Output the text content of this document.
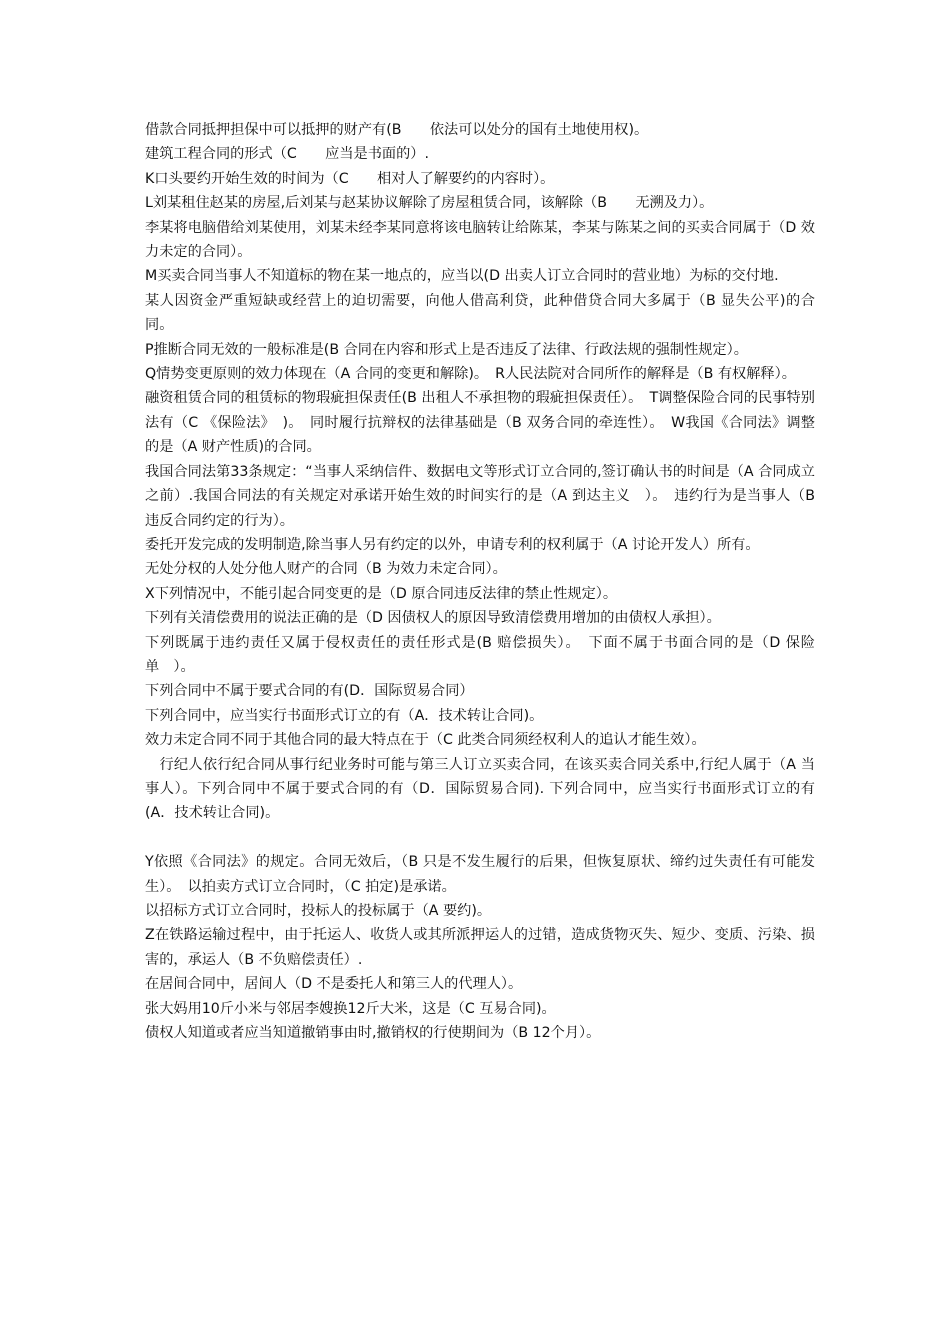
借款合同抵押担保中可以抵押的财产有(B　　依法可以处分的国有土地使用权)。

建筑工程合同的形式（C　　应当是书面的）.

K口头要约开始生效的时间为（C　　相对人了解要约的内容时）。

L刘某租住赵某的房屋,后刘某与赵某协议解除了房屋租赁合同，该解除（B　　无溯及力）。

李某将电脑借给刘某使用，刘某未经李某同意将该电脑转让给陈某，李某与陈某之间的买卖合同属于（D 效力未定的合同）。

M买卖合同当事人不知道标的物在某一地点的，应当以(D 出卖人订立合同时的营业地）为标的交付地.

某人因资金严重短缺或经营上的迫切需要，向他人借高利贷，此种借贷合同大多属于（B 显失公平)的合同。

P推断合同无效的一般标准是(B 合同在内容和形式上是否违反了法律、行政法规的强制性规定）。

Q情势变更原则的效力体现在（A 合同的变更和解除)。　R人民法院对合同所作的解释是（B 有权解释）。

融资租赁合同的租赁标的物瑕疵担保责任(B 出租人不承担物的瑕疵担保责任）。　T调整保险合同的民事特别法有（C 《保险法》　)。　同时履行抗辩权的法律基础是（B 双务合同的牵连性）。　W我国《合同法》调整的是（A 财产性质)的合同。

我国合同法第33条规定：“当事人采纳信件、数据电文等形式订立合同的,签订确认书的时间是（A 合同成立之前）.我国合同法的有关规定对承诺开始生效的时间实行的是（A 到达主义　）。　违约行为是当事人（B 违反合同约定的行为）。

委托开发完成的发明制造,除当事人另有约定的以外，申请专利的权利属于（A 讨论开发人）所有。

无处分权的人处分他人财产的合同（B 为效力未定合同）。

X下列情况中，不能引起合同变更的是（D 原合同违反法律的禁止性规定）。

下列有关清偿费用的说法正确的是（D 因债权人的原因导致清偿费用增加的由债权人承担）。

下列既属于违约责任又属于侵权责任的责任形式是(B 赔偿损失）。　下面不属于书面合同的是（D 保险单　）。

下列合同中不属于要式合同的有(D．国际贸易合同）

下列合同中，应当实行书面形式订立的有（A．技术转让合同)。

效力未定合同不同于其他合同的最大特点在于（C 此类合同须经权利人的追认才能生效）。

　行纪人依行纪合同从事行纪业务时可能与第三人订立买卖合同，在该买卖合同关系中,行纪人属于（A 当事人）。下列合同中不属于要式合同的有（D．国际贸易合同). 下列合同中，应当实行书面形式订立的有(A．技术转让合同)。

Y依照《合同法》的规定。合同无效后，（B 只是不发生履行的后果，但恢复原状、缔约过失责任有可能发生）。　以拍卖方式订立合同时，（C 拍定)是承诺。

以招标方式订立合同时，投标人的投标属于（A 要约)。

Z在铁路运输过程中，由于托运人、收货人或其所派押运人的过错，造成货物灭失、短少、变质、污染、损害的，承运人（B 不负赔偿责任）.

在居间合同中，居间人（D 不是委托人和第三人的代理人）。

张大妈用10斤小米与邻居李嫂换12斤大米，这是（C 互易合同)。

债权人知道或者应当知道撤销事由时,撤销权的行使期间为（B 12个月）。
